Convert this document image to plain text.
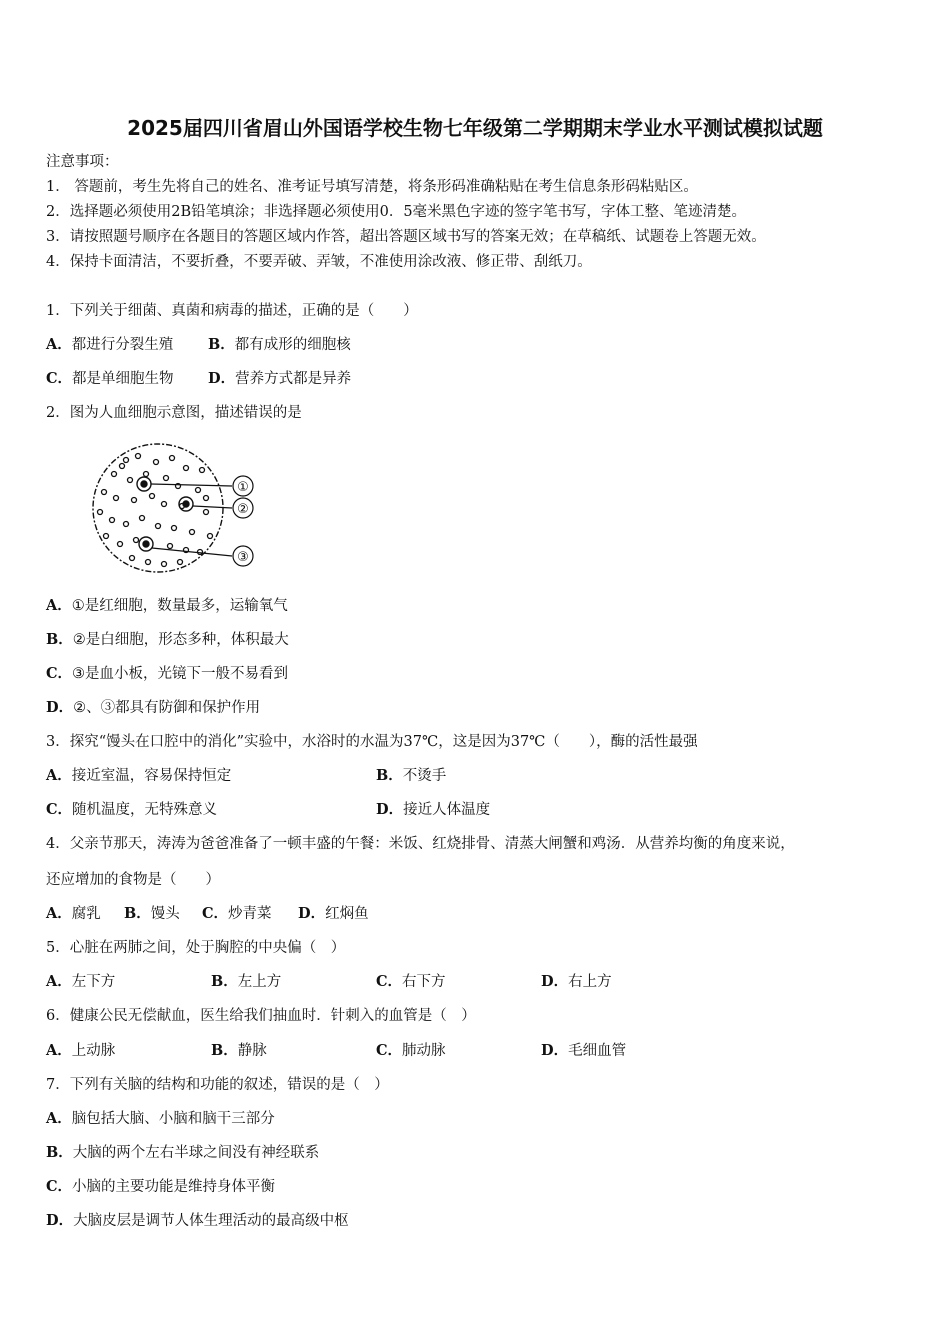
2025届四川省眉山外国语学校生物七年级第二学期期末学业水平测试模拟试题
注意事项：
1． 答题前，考生先将自己的姓名、准考证号填写清楚，将条形码准确粘贴在考生信息条形码粘贴区。
2．选择题必须使用2B铅笔填涂；非选择题必须使用0．5毫米黑色字迹的签字笔书写，字体工整、笔迹清楚。
3．请按照题号顺序在各题目的答题区域内作答，超出答题区域书写的答案无效；在草稿纸、试题卷上答题无效。
4．保持卡面清洁，不要折叠，不要弄破、弄皱，不准使用涂改液、修正带、刮纸刀。
1．下列关于细菌、真菌和病毒的描述，正确的是（　　）
A．都进行分裂生殖 B．都有成形的细胞核
C．都是单细胞生物 D．营养方式都是异养
2．图为人血细胞示意图，描述错误的是
①
②
③
A．①是红细胞，数量最多，运输氧气
B．②是白细胞，形态多种，体积最大
C．③是血小板，光镜下一般不易看到
D．②、③都具有防御和保护作用
3．探究“馒头在口腔中的消化”实验中，水浴时的水温为37℃，这是因为37℃（　　），酶的活性最强
A．接近室温，容易保持恒定	B．不烫手
C．随机温度，无特殊意义	D．接近人体温度
4．父亲节那天，涛涛为爸爸准备了一顿丰盛的午餐：米饭、红烧排骨、清蒸大闸蟹和鸡汤．从营养均衡的角度来说，
还应增加的食物是（　　）
A．腐乳 B．馒头 C．炒青菜 D．红焖鱼
5．心脏在两肺之间，处于胸腔的中央偏（　）
A．左下方	B．左上方	C．右下方	D．右上方
6．健康公民无偿献血，医生给我们抽血时．针刺入的血管是（　）
A．上动脉	B．静脉	C．肺动脉	D．毛细血管
7．下列有关脑的结构和功能的叙述，错误的是（　）
A．脑包括大脑、小脑和脑干三部分
B．大脑的两个左右半球之间没有神经联系
C．小脑的主要功能是维持身体平衡
D．大脑皮层是调节人体生理活动的最高级中枢
